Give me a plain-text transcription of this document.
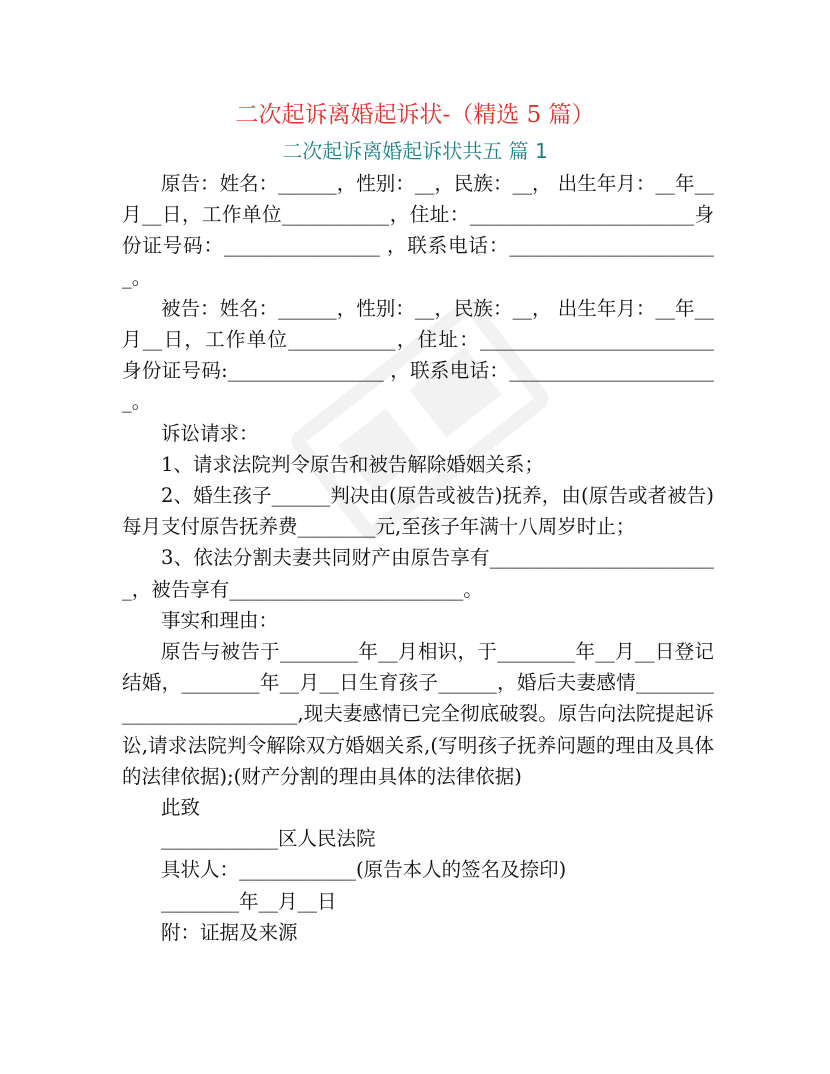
二次起诉离婚起诉状-（精选 5 篇）
二次起诉离婚起诉状共五 篇 1

原告：姓名：______，性别：__，民族：__， 出生年月：__年__月__日，工作单位___________，住址：_______________________身份证号码：________________ ，联系电话：______________________。

被告：姓名：______，性别：__，民族：__， 出生年月：__年__月__日，工作单位___________，住址：________________________身份证号码:________________ ，联系电话：______________________。

诉讼请求：

1、请求法院判令原告和被告解除婚姻关系；

2、婚生孩子______判决由(原告或被告)抚养，由(原告或者被告)每月支付原告抚养费________元,至孩子年满十八周岁时止；

3、依法分割夫妻共同财产由原告享有________________________，被告享有________________________。

事实和理由：

原告与被告于________年__月相识，于________年__月__日登记结婚，________年__月__日生育孩子______，婚后夫妻感情__________________________,现夫妻感情已完全彻底破裂。原告向法院提起诉讼,请求法院判令解除双方婚姻关系,(写明孩子抚养问题的理由及具体的法律依据);(财产分割的理由具体的法律依据)

此致

____________区人民法院

具状人：____________(原告本人的签名及捺印)

________年__月__日

附：证据及来源
